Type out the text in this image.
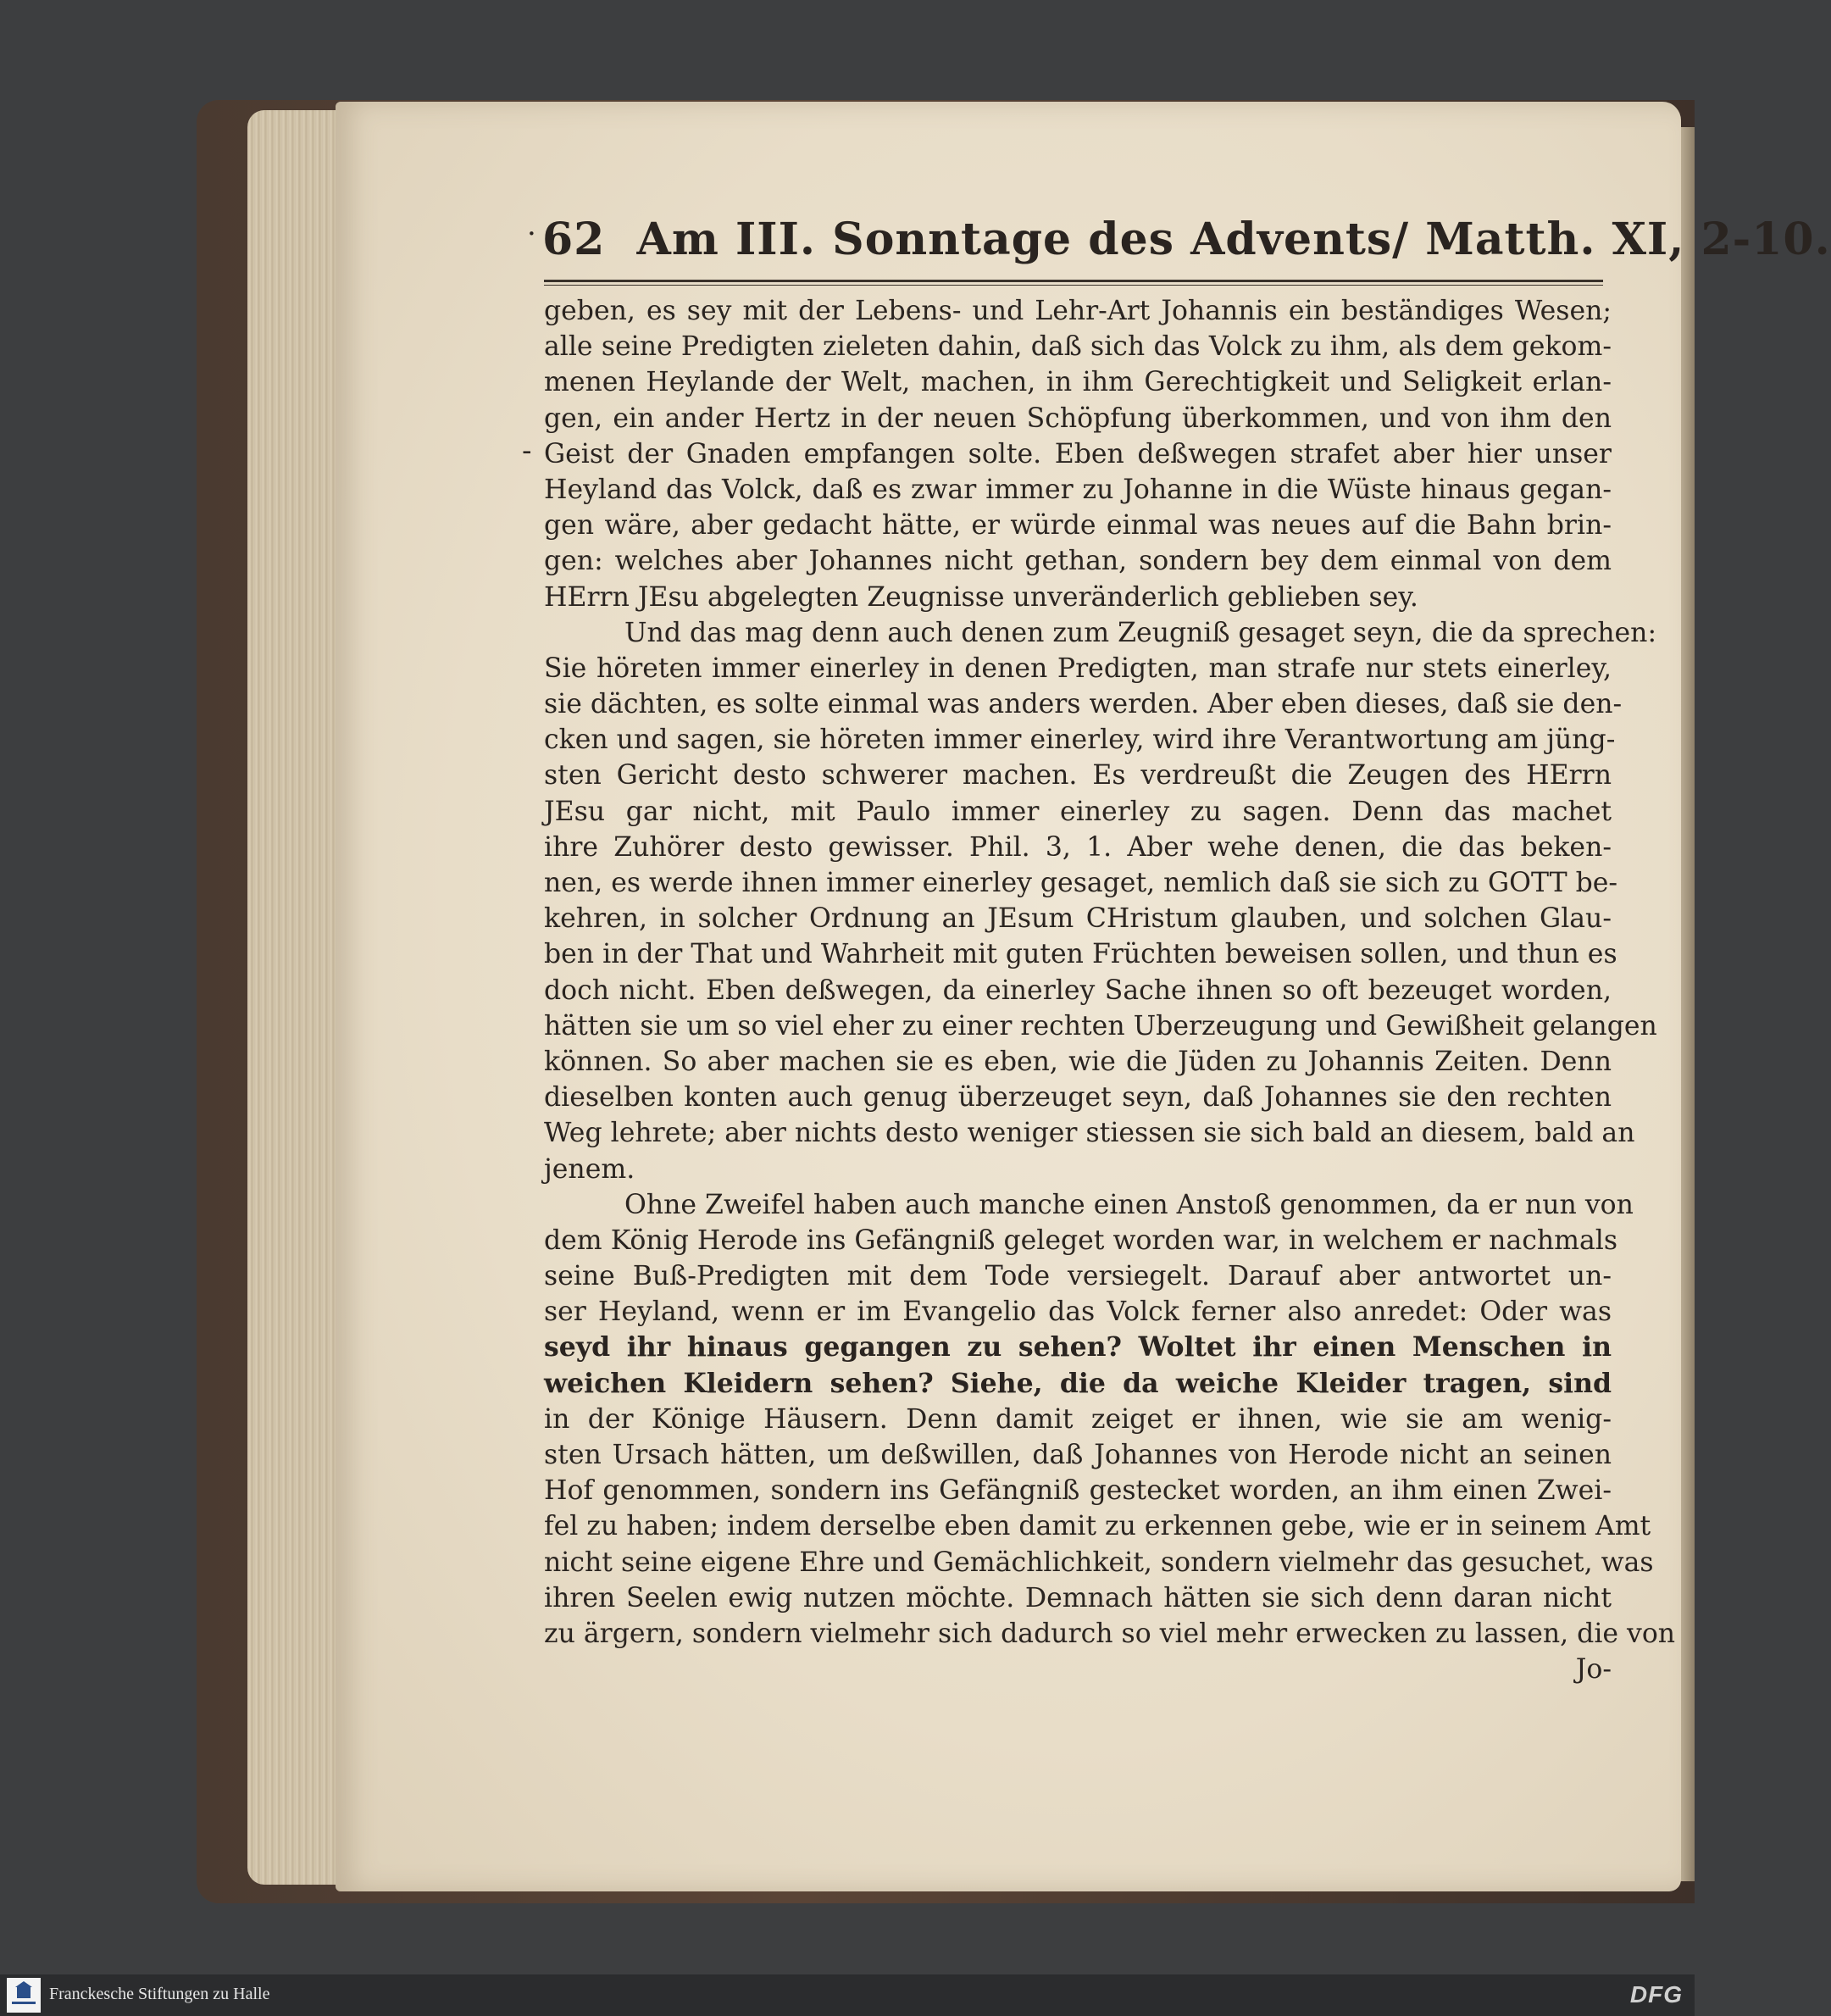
62 Am III. Sonntage des Advents/ Matth. XI, 2-10.
·
-
geben, es sey mit der Lebens- und Lehr-Art Johannis ein beständiges Wesen;
alle seine Predigten zieleten dahin, daß sich das Volck zu ihm, als dem gekom-
menen Heylande der Welt, machen, in ihm Gerechtigkeit und Seligkeit erlan-
gen, ein ander Hertz in der neuen Schöpfung überkommen, und von ihm den
Geist der Gnaden empfangen solte. Eben deßwegen strafet aber hier unser
Heyland das Volck, daß es zwar immer zu Johanne in die Wüste hinaus gegan-
gen wäre, aber gedacht hätte, er würde einmal was neues auf die Bahn brin-
gen: welches aber Johannes nicht gethan, sondern bey dem einmal von dem
HErrn JEsu abgelegten Zeugnisse unveränderlich geblieben sey.
Und das mag denn auch denen zum Zeugniß gesaget seyn, die da sprechen:
Sie höreten immer einerley in denen Predigten, man strafe nur stets einerley,
sie dächten, es solte einmal was anders werden. Aber eben dieses, daß sie den-
cken und sagen, sie höreten immer einerley, wird ihre Verantwortung am jüng-
sten Gericht desto schwerer machen. Es verdreußt die Zeugen des HErrn
JEsu gar nicht, mit Paulo immer einerley zu sagen. Denn das machet
ihre Zuhörer desto gewisser. Phil. 3, 1. Aber wehe denen, die das beken-
nen, es werde ihnen immer einerley gesaget, nemlich daß sie sich zu GOTT be-
kehren, in solcher Ordnung an JEsum CHristum glauben, und solchen Glau-
ben in der That und Wahrheit mit guten Früchten beweisen sollen, und thun es
doch nicht. Eben deßwegen, da einerley Sache ihnen so oft bezeuget worden,
hätten sie um so viel eher zu einer rechten Uberzeugung und Gewißheit gelangen
können. So aber machen sie es eben, wie die Jüden zu Johannis Zeiten. Denn
dieselben konten auch genug überzeuget seyn, daß Johannes sie den rechten
Weg lehrete; aber nichts desto weniger stiessen sie sich bald an diesem, bald an
jenem.
Ohne Zweifel haben auch manche einen Anstoß genommen, da er nun von
dem König Herode ins Gefängniß geleget worden war, in welchem er nachmals
seine Buß-Predigten mit dem Tode versiegelt. Darauf aber antwortet un-
ser Heyland, wenn er im Evangelio das Volck ferner also anredet: Oder was
seyd ihr hinaus gegangen zu sehen? Woltet ihr einen Menschen in
weichen Kleidern sehen? Siehe, die da weiche Kleider tragen, sind
in der Könige Häusern. Denn damit zeiget er ihnen, wie sie am wenig-
sten Ursach hätten, um deßwillen, daß Johannes von Herode nicht an seinen
Hof genommen, sondern ins Gefängniß gestecket worden, an ihm einen Zwei-
fel zu haben; indem derselbe eben damit zu erkennen gebe, wie er in seinem Amt
nicht seine eigene Ehre und Gemächlichkeit, sondern vielmehr das gesuchet, was
ihren Seelen ewig nutzen möchte. Demnach hätten sie sich denn daran nicht
zu ärgern, sondern vielmehr sich dadurch so viel mehr erwecken zu lassen, die von
Jo-
Franckesche Stiftungen zu Halle	DFG
